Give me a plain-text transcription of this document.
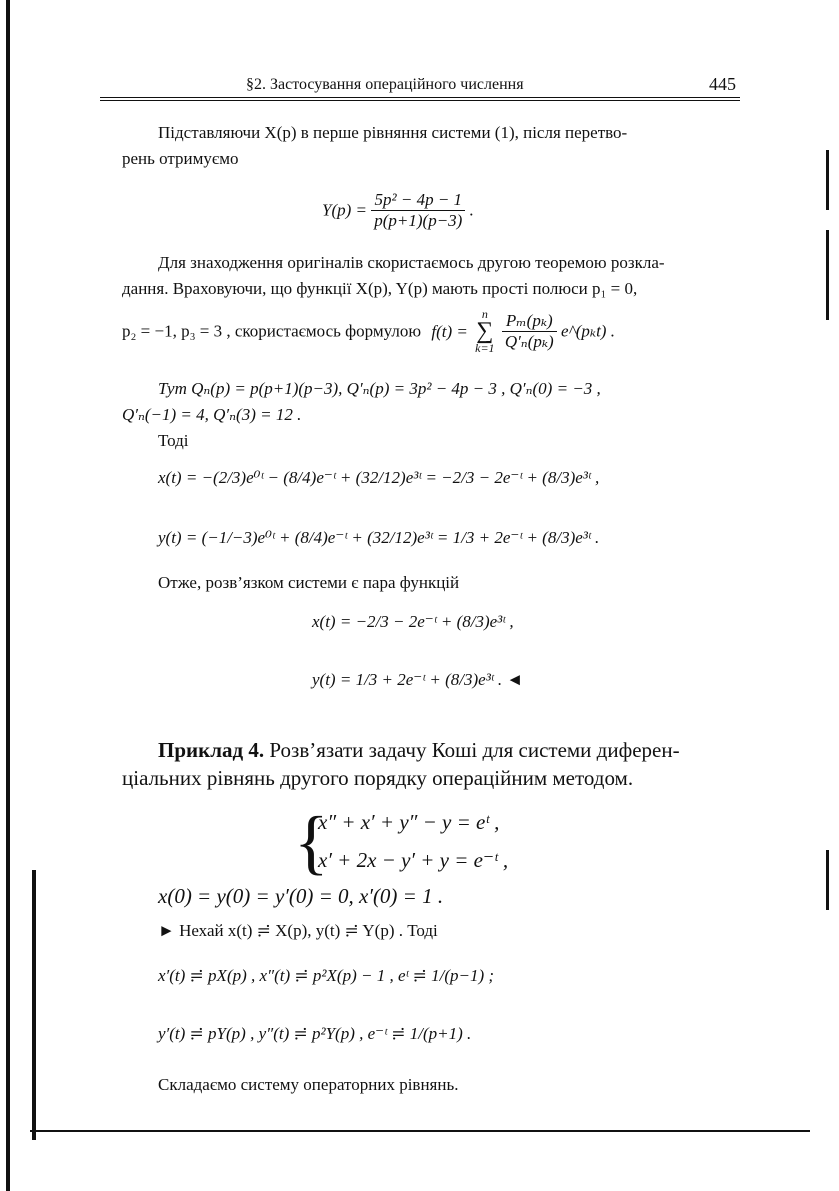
§2. Застосування операційного числення	445
Підставляючи X(p) в перше рівняння системи (1), після перетво-
рень отримуємо
$Y(p) = \frac{\text{5p² − 4p − 1}}{p(p+1)(p-3)}$ .
Для знаходження оригіналів скористаємось другою теоремою розкла-
дання. Враховуючи, що функції X(p), Y(p) мають прості полюси p₁ = 0,
p₂ = −1, p₃ = 3 , скористаємось формулою f(t) =
n
∑
k=1
$\frac{\text{Pₘ(pₖ)}}{\text{Q′ₙ(pₖ)}}$ e^(pₖt) .
Тут Qₙ(p) = p(p+1)(p−3), Q′ₙ(p) = 3p² − 4p − 3 , Q′ₙ(0) = −3 ,
Q′ₙ(−1) = 4, Q′ₙ(3) = 12 .
Тоді
x(t) = −(2/3)e⁰ᵗ − (8/4)e⁻ᵗ + (32/12)e³ᵗ = −2/3 − 2e⁻ᵗ + (8/3)e³ᵗ ,
y(t) = (−1/−3)e⁰ᵗ + (8/4)e⁻ᵗ + (32/12)e³ᵗ = 1/3 + 2e⁻ᵗ + (8/3)e³ᵗ .
Отже, розв’язком системи є пара функцій
x(t) = −2/3 − 2e⁻ᵗ + (8/3)e³ᵗ ,
y(t) = 1/3 + 2e⁻ᵗ + (8/3)e³ᵗ . ◄
Приклад 4. Розв’язати задачу Коші для системи диферен-
ціальних рівнянь другого порядку операційним методом.
{
x″ + x′ + y″ − y = eᵗ ,
x′ + 2x − y′ + y = e⁻ᵗ ,
x(0) = y(0) = y′(0) = 0, x′(0) = 1 .
► Нехай x(t) ≓ X(p), y(t) ≓ Y(p) . Тоді
x′(t) ≓ pX(p) , x″(t) ≓ p²X(p) − 1 , eᵗ ≓ 1/(p−1) ;
y′(t) ≓ pY(p) , y″(t) ≓ p²Y(p) , e⁻ᵗ ≓ 1/(p+1) .
Складаємо систему операторних рівнянь.
